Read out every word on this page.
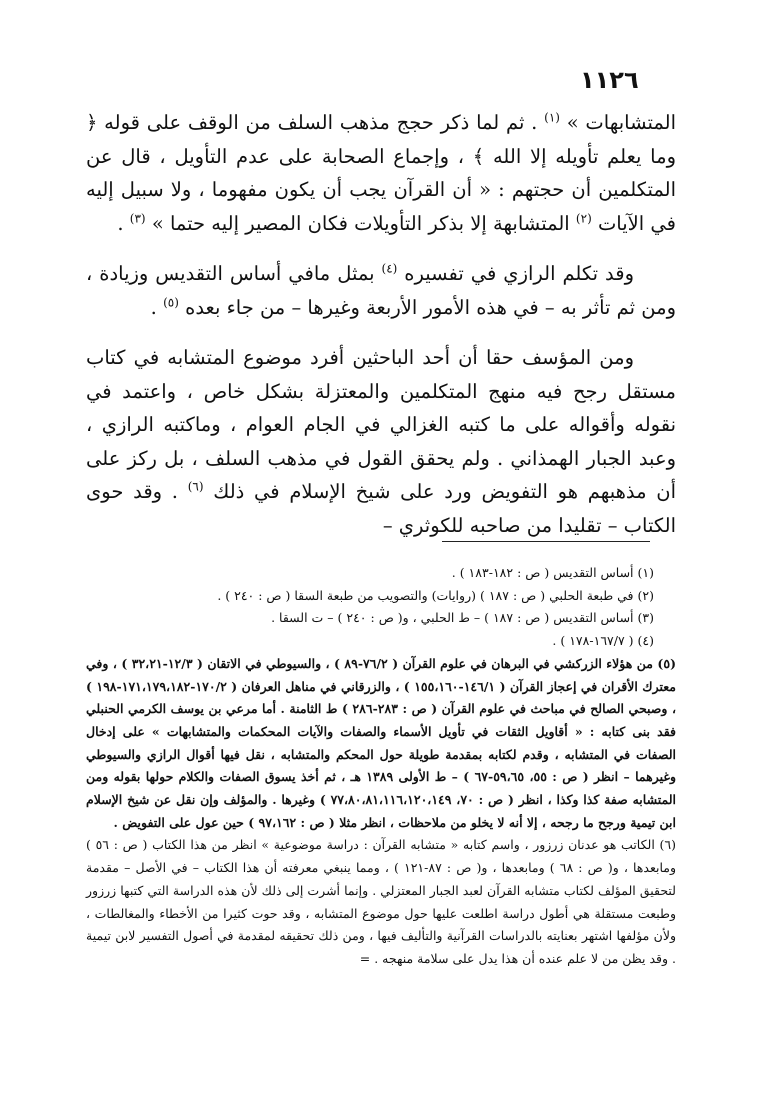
١١٢٦

المتشابهات » $^{(١)}$ . ثم لما ذكر حجج مذهب السلف من الوقف على قوله ﴿ وما يعلم تأويله إلا الله ﴾ ، وإجماع الصحابة على عدم التأويل ، قال عن المتكلمين أن حجتهم : « أن القرآن يجب أن يكون مفهوما ، ولا سبيل إليه في الآيات $^{(٢)}$ المتشابهة إلا بذكر التأويلات فكان المصير إليه حتما » $^{(٣)}$ .

وقد تكلم الرازي في تفسيره $^{(٤)}$ بمثل مافي أساس التقديس وزيادة ، ومن ثم تأثر به – في هذه الأمور الأربعة وغيرها – من جاء بعده $^{(٥)}$ .

ومن المؤسف حقا أن أحد الباحثين أفرد موضوع المتشابه في كتاب مستقل رجح فيه منهج المتكلمين والمعتزلة بشكل خاص ، واعتمد في نقوله وأقواله على ما كتبه الغزالي في الجام العوام ، وماكتبه الرازي ، وعبد الجبار الهمذاني . ولم يحقق القول في مذهب السلف ، بل ركز على أن مذهبهم هو التفويض ورد على شيخ الإسلام في ذلك $^{(٦)}$ . وقد حوى الكتاب – تقليدا من صاحبه للكوثري –

(١) أساس التقديس ( ص : ١٨٢-١٨٣ ) .

(٢) في طبعة الحلبي ( ص : ١٨٧ ) (روايات) والتصويب من طبعة السقا ( ص : ٢٤٠ ) .

(٣) أساس التقديس ( ص : ١٨٧ ) – ط الحلبي ، و( ص : ٢٤٠ ) – ت السقا .

(٤) ( ١٦٧/٧-١٧٨ ) .

(٥) من هؤلاء الزركشي في البرهان في علوم القرآن ( ٧٦/٢-٨٩ ) ، والسيوطي في الاتقان ( ١٢/٣-٣٢،٢١ ) ، وفي معترك الأقران في إعجاز القرآن ( ١٤٦/١-١٥٥،١٦٠ ) ، والزرقاني في مناهل العرفان ( ١٧٠/٢-١٧١،١٧٩،١٨٢-١٩٨ ) ، وصبحي الصالح في مباحث في علوم القرآن ( ص : ٢٨٣-٢٨٦ ) ط الثامنة . أما مرعي بن يوسف الكرمي الحنبلي فقد بنى كتابه : « أقاويل الثقات في تأويل الأسماء والصفات والآيات المحكمات والمتشابهات » على إدخال الصفات في المتشابه ، وقدم لكتابه بمقدمة طويلة حول المحكم والمتشابه ، نقل فيها أقوال الرازي والسيوطي وغيرهما – انظر ( ص : ٥٥، ٥٩،٦٥-٦٧ ) – ط الأولى ١٣٨٩ هـ ، ثم أخذ يسوق الصفات والكلام حولها بقوله ومن المتشابه صفة كذا وكذا ، انظر ( ص : ٧٠، ٧٧،٨٠،٨١،١١٦،١٢٠،١٤٩ ) وغيرها . والمؤلف وإن نقل عن شيخ الإسلام ابن تيمية ورجح ما رجحه ، إلا أنه لا يخلو من ملاحظات ، انظر مثلا ( ص : ٩٧،١٦٢ ) حين عول على التفويض .

(٦) الكاتب هو عدنان زرزور ، واسم كتابه « متشابه القرآن : دراسة موضوعية » انظر من هذا الكتاب ( ص : ٥٦ ) ومابعدها ، و( ص : ٦٨ ) ومابعدها ، و( ص : ٨٧-١٢١ ) ، ومما ينبغي معرفته أن هذا الكتاب – في الأصل – مقدمة لتحقيق المؤلف لكتاب متشابه القرآن لعبد الجبار المعتزلي . وإنما أشرت إلى ذلك لأن هذه الدراسة التي كتبها زرزور وطبعت مستقلة هي أطول دراسة اطلعت عليها حول موضوع المتشابه ، وقد حوت كثيرا من الأخطاء والمغالطات ، ولأن مؤلفها اشتهر بعنايته بالدراسات القرآنية والتأليف فيها ، ومن ذلك تحقيقه لمقدمة في أصول التفسير لابن تيمية . وقد يظن من لا علم عنده أن هذا يدل على سلامة منهجه . =
